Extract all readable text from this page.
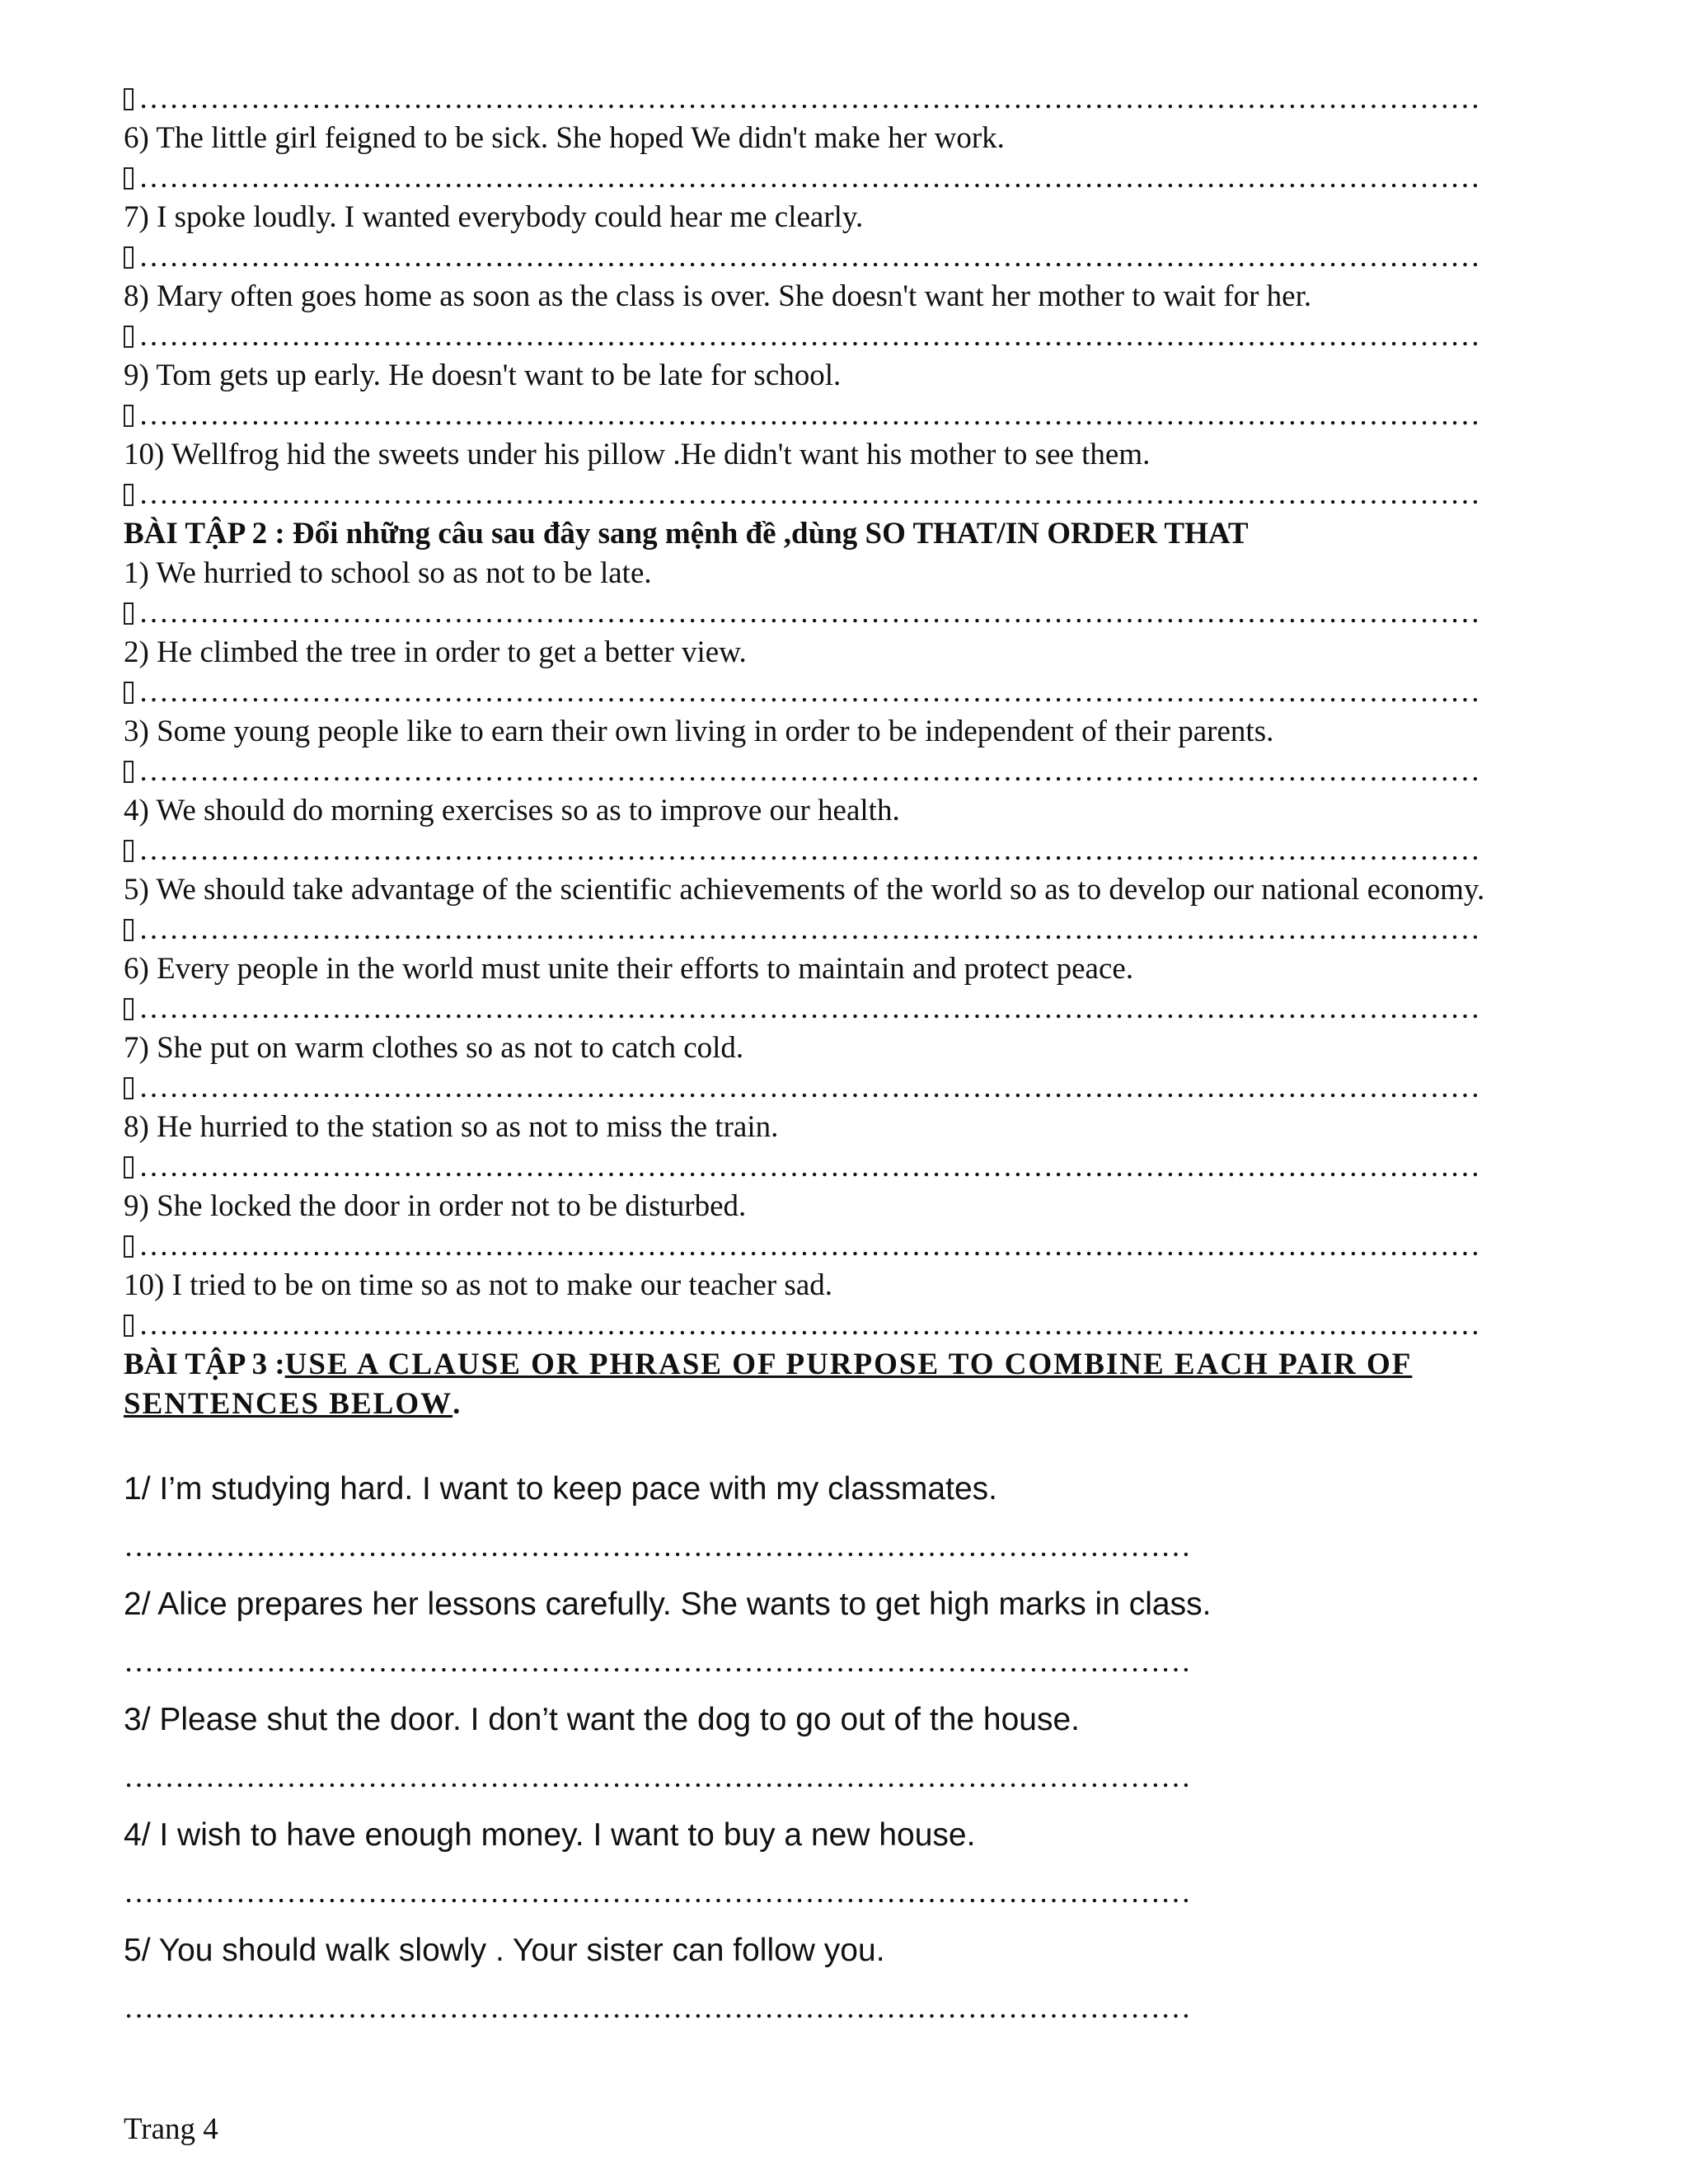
……………………………………………………………………………………………………………………
6) The little girl feigned to be sick. She hoped We didn't make her work.
……………………………………………………………………………………………………………………
7) I spoke loudly. I wanted everybody could hear me clearly.
……………………………………………………………………………………………………………………
8) Mary often goes home as soon as the class is over. She doesn't want her mother to wait for her.
……………………………………………………………………………………………………………………
9) Tom gets up early. He doesn't want to be late for school.
……………………………………………………………………………………………………………………
10) Wellfrog hid the sweets under his pillow .He didn't want his mother to see them.
……………………………………………………………………………………………………………………
BÀI TẬP 2 : Đổi những câu sau đây sang mệnh đề ,dùng SO THAT/IN ORDER THAT
1) We hurried to school so as not to be late.
……………………………………………………………………………………………………………………
2) He climbed the tree in order to get a better view.
……………………………………………………………………………………………………………………
3) Some young people like to earn their own living in order to be independent of their parents.
……………………………………………………………………………………………………………………
4) We should do morning exercises so as to improve our health.
……………………………………………………………………………………………………………………
5) We should take advantage of the scientific achievements of the world so as to develop our national economy.
……………………………………………………………………………………………………………………
6) Every people in the world must unite their efforts to maintain and protect peace.
……………………………………………………………………………………………………………………
7) She put on warm clothes so as not to catch cold.
……………………………………………………………………………………………………………………
8) He hurried to the station so as not to miss the train.
……………………………………………………………………………………………………………………
9) She locked the door in order not to be disturbed.
……………………………………………………………………………………………………………………
10) I tried to be on time so as not to make our teacher sad.
……………………………………………………………………………………………………………………
BÀI TẬP 3 :USE A CLAUSE OR PHRASE OF PURPOSE TO COMBINE EACH PAIR OF SENTENCES BELOW.
1/ I’m studying hard. I want to keep pace with my classmates.
……………………………………………………………………………………………
2/ Alice prepares her lessons carefully. She wants to get high marks in class.
……………………………………………………………………………………………
3/ Please shut the door. I don’t want the dog to go out of the house.
……………………………………………………………………………………………
4/ I wish to have enough money. I want to buy a new house.
……………………………………………………………………………………………
5/ You should walk slowly . Your sister can follow you.
……………………………………………………………………………………………
Trang 4
